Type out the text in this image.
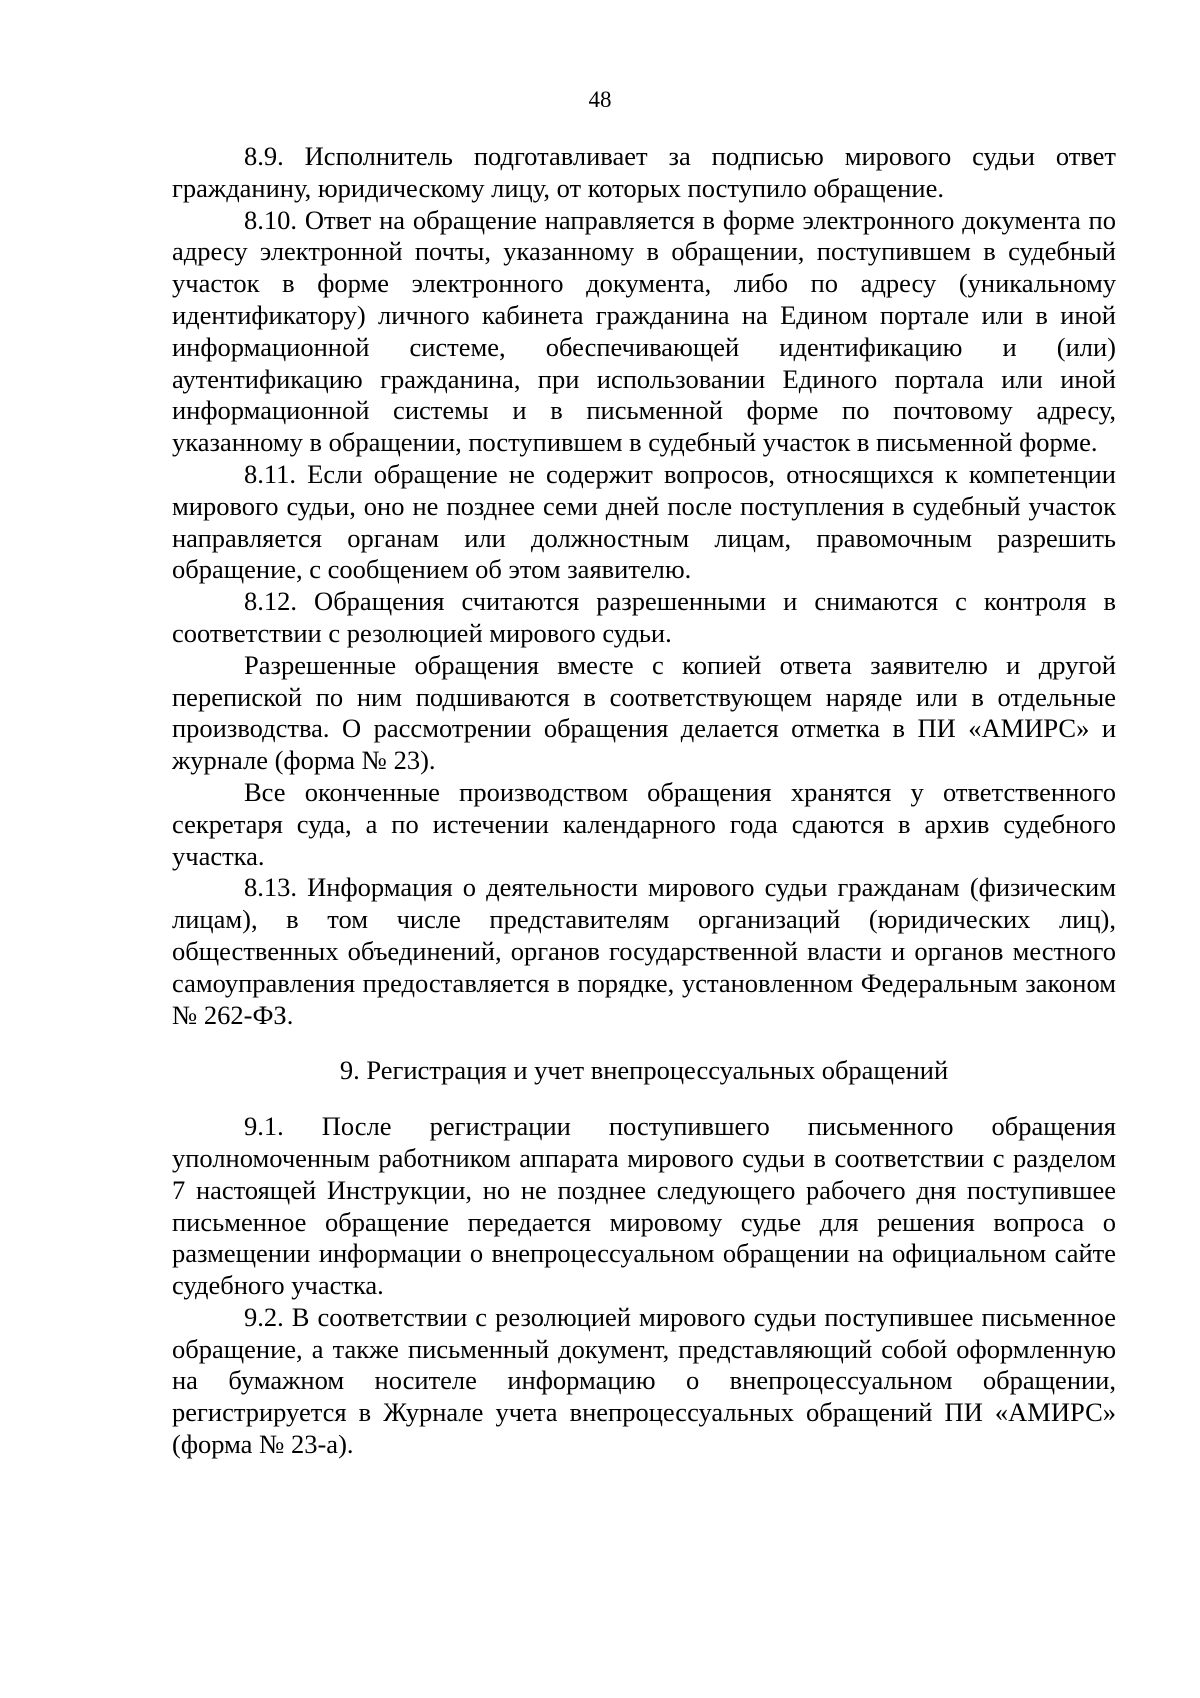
48

8.9. Исполнитель подготавливает за подписью мирового судьи ответ гражданину, юридическому лицу, от которых поступило обращение.

8.10. Ответ на обращение направляется в форме электронного документа по адресу электронной почты, указанному в обращении, поступившем в судебный участок в форме электронного документа, либо по адресу (уникальному идентификатору) личного кабинета гражданина на Едином портале или в иной информационной системе, обеспечивающей идентификацию и (или) аутентификацию гражданина, при использовании Единого портала или иной информационной системы и в письменной форме по почтовому адресу, указанному в обращении, поступившем в судебный участок в письменной форме.

8.11. Если обращение не содержит вопросов, относящихся к компетенции мирового судьи, оно не позднее семи дней после поступления в судебный участок направляется органам или должностным лицам, правомочным разрешить обращение, с сообщением об этом заявителю.

8.12. Обращения считаются разрешенными и снимаются с контроля в соответствии с резолюцией мирового судьи.

Разрешенные обращения вместе с копией ответа заявителю и другой перепиской по ним подшиваются в соответствующем наряде или в отдельные производства. О рассмотрении обращения делается отметка в ПИ «АМИРС» и журнале (форма № 23).

Все оконченные производством обращения хранятся у ответственного секретаря суда, а по истечении календарного года сдаются в архив судебного участка.

8.13. Информация о деятельности мирового судьи гражданам (физическим лицам), в том числе представителям организаций (юридических лиц), общественных объединений, органов государственной власти и органов местного самоуправления предоставляется в порядке, установленном Федеральным законом № 262-ФЗ.

9. Регистрация и учет внепроцессуальных обращений

9.1. После регистрации поступившего письменного обращения уполномоченным работником аппарата мирового судьи в соответствии с разделом 7 настоящей Инструкции, но не позднее следующего рабочего дня поступившее письменное обращение передается мировому судье для решения вопроса о размещении информации о внепроцессуальном обращении на официальном сайте судебного участка.

9.2. В соответствии с резолюцией мирового судьи поступившее письменное обращение, а также письменный документ, представляющий собой оформленную на бумажном носителе информацию о внепроцессуальном обращении, регистрируется в Журнале учета внепроцессуальных обращений ПИ «АМИРС» (форма № 23-а).
